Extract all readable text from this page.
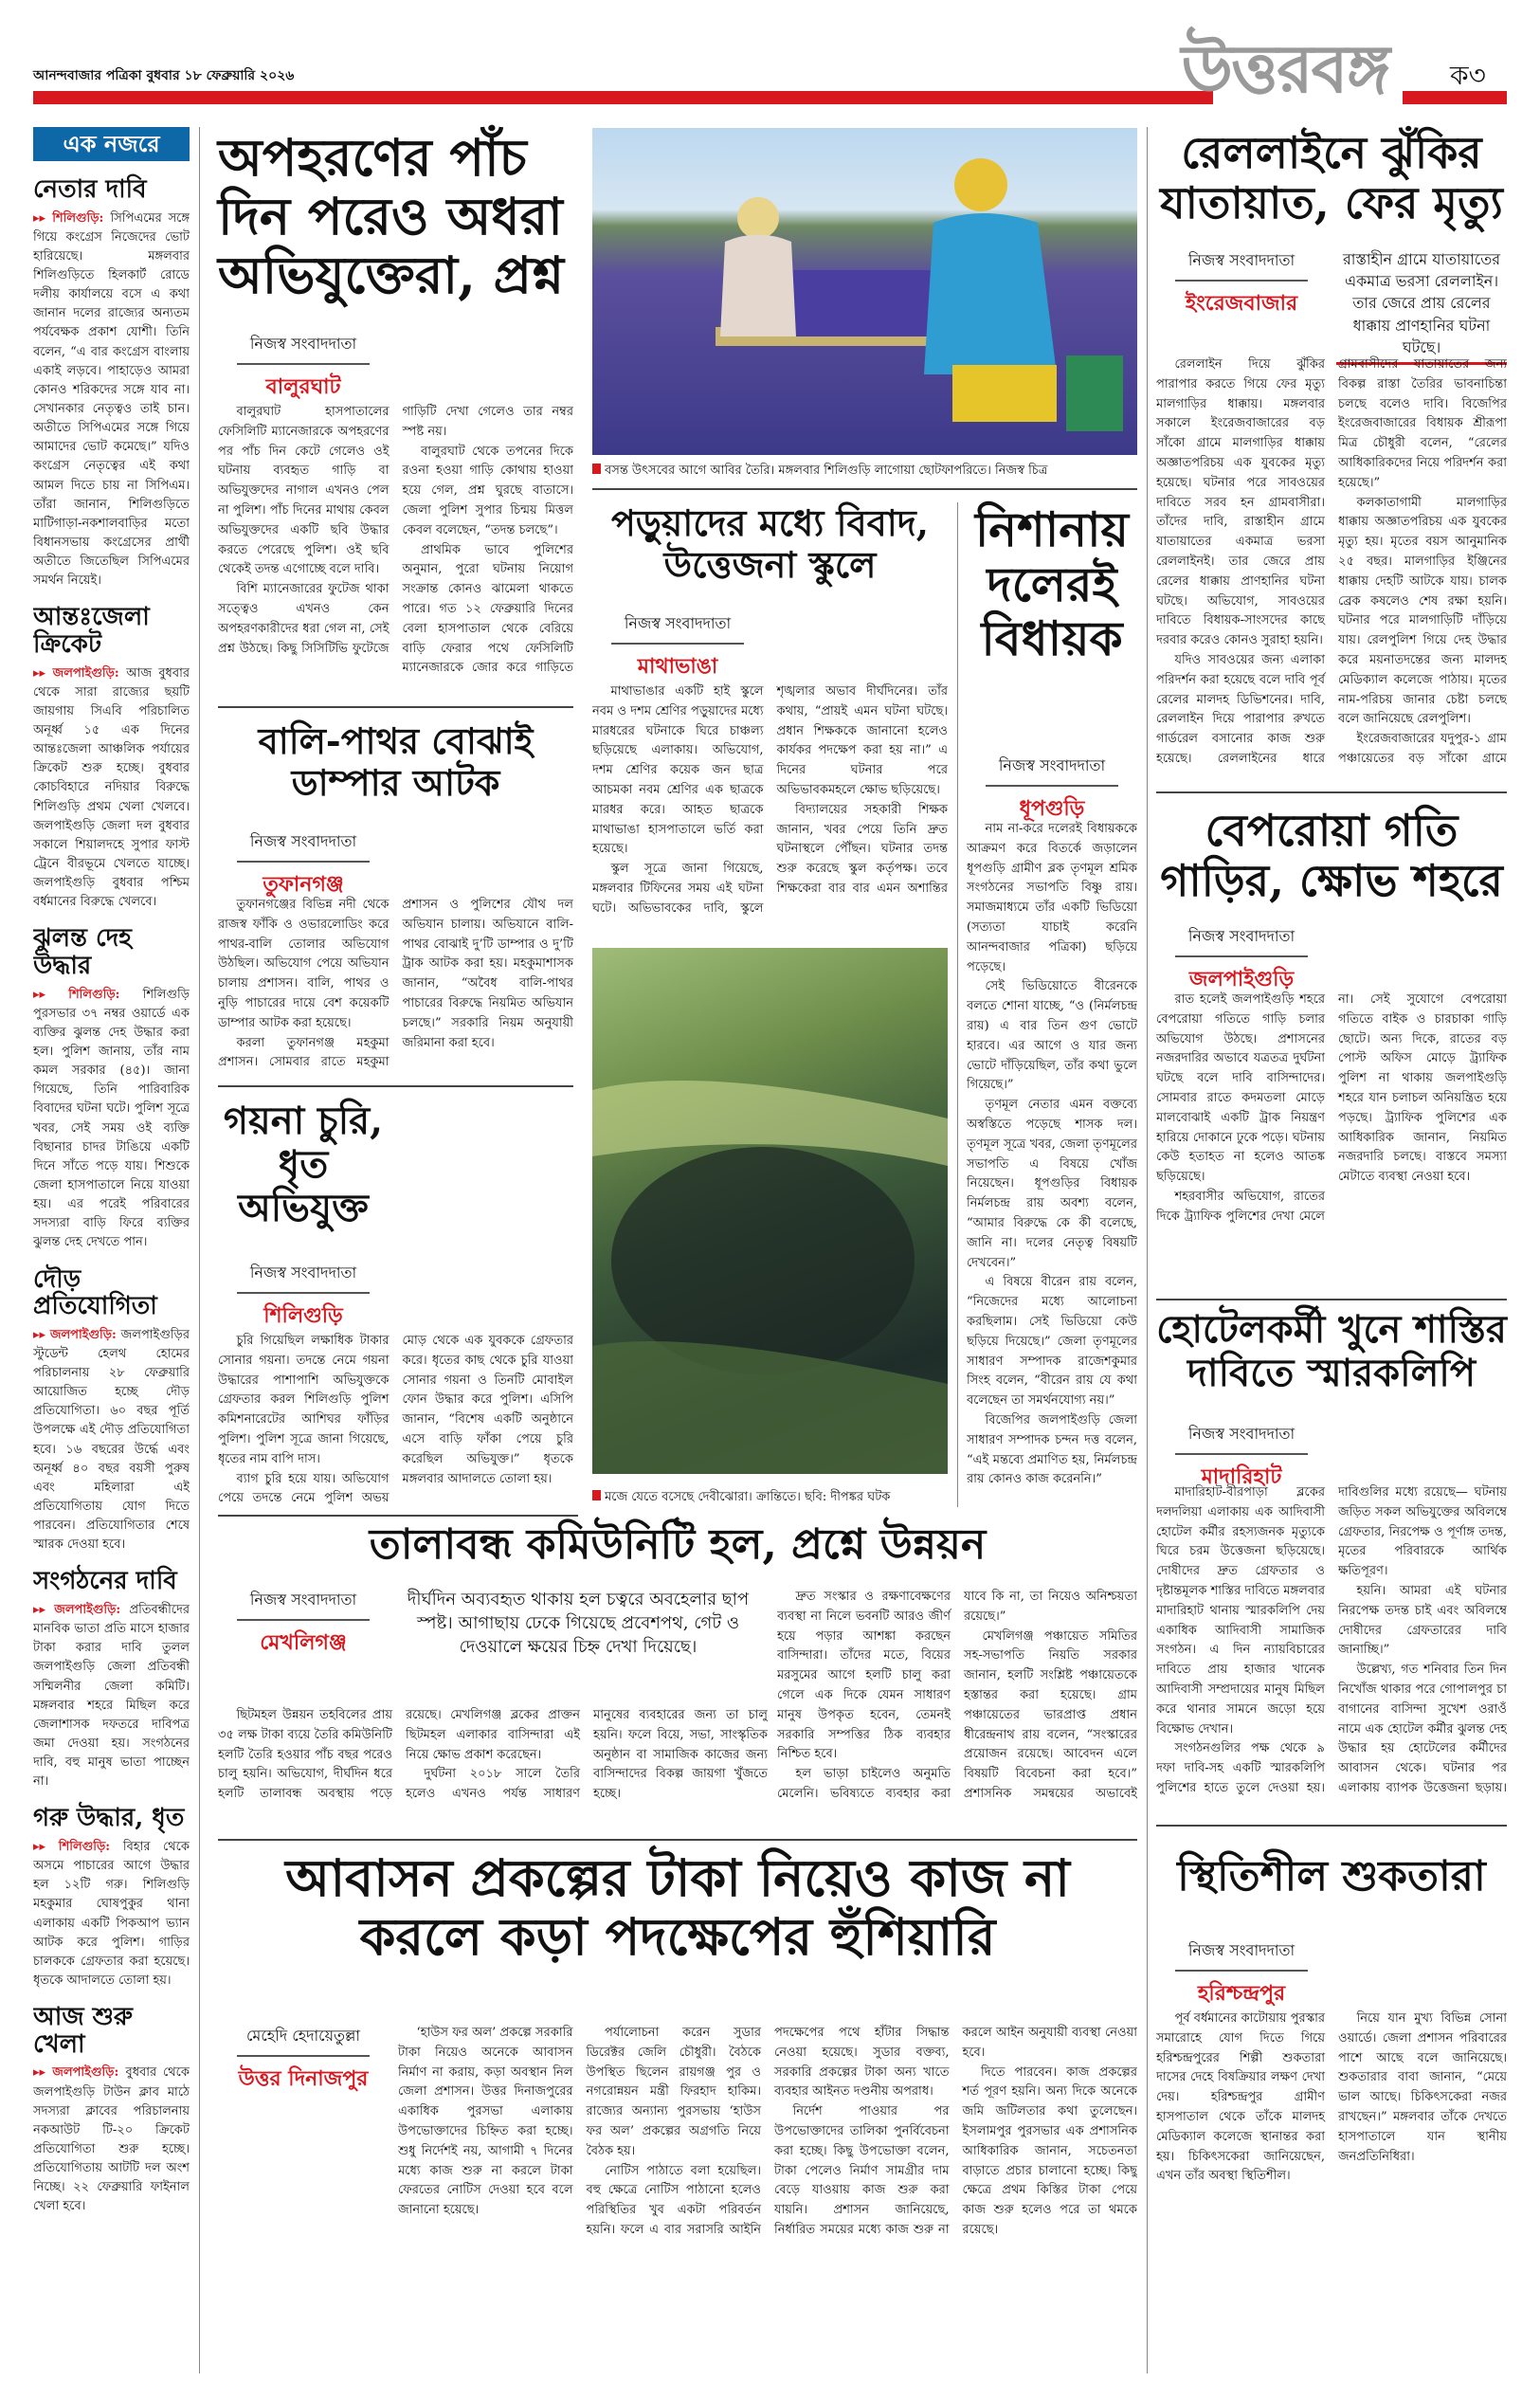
আনন্দবাজার পত্রিকা বুধবার ১৮ ফেব্রুয়ারি ২০২৬	উত্তরবঙ্গ ক৩
এক নজরে
নেতার দাবি

▸▸ শিলিগুড়ি: সিপিএমের সঙ্গে গিয়ে কংগ্রেস নিজেদের ভোট হারিয়েছে। মঙ্গলবার শিলিগুড়িতে হিলকার্ট রোডে দলীয় কার্যালয়ে বসে এ কথা জানান দলের রাজ্যের অন্যতম পর্যবেক্ষক প্রকাশ যোশী। তিনি বলেন, “এ বার কংগ্রেস বাংলায় একাই লড়বে। পাহাড়েও আমরা কোনও শরিকদের সঙ্গে যাব না। সেখানকার নেতৃত্বও তাই চান। অতীতে সিপিএমের সঙ্গে গিয়ে আমাদের ভোট কমেছে।” যদিও কংগ্রেস নেতৃত্বের এই কথা আমল দিতে চায় না সিপিএম। তাঁরা জানান, শিলিগুড়িতে মাটিগাড়া-নকশালবাড়ির মতো বিধানসভায় কংগ্রেসের প্রার্থী অতীতে জিতেছিল সিপিএমের সমর্থন নিয়েই।

আন্তঃজেলা ক্রিকেট

▸▸ জলপাইগুড়ি: আজ বুধবার থেকে সারা রাজ্যের ছয়টি জায়গায় সিএবি পরিচালিত অনূর্ধ্ব ১৫ এক দিনের আন্তঃজেলা আঞ্চলিক পর্যায়ের ক্রিকেট শুরু হচ্ছে। বুধবার কোচবিহারে নদিয়ার বিরুদ্ধে শিলিগুড়ি প্রথম খেলা খেলবে। জলপাইগুড়ি জেলা দল বুধবার সকালে শিয়ালদহে সুপার ফাস্ট ট্রেনে বীরভূমে খেলতে যাচ্ছে। জলপাইগুড়ি বুধবার পশ্চিম বর্ধমানের বিরুদ্ধে খেলবে।

ঝুলন্ত দেহ উদ্ধার

▸▸ শিলিগুড়ি: শিলিগুড়ি পুরসভার ৩৭ নম্বর ওয়ার্ডে এক ব্যক্তির ঝুলন্ত দেহ উদ্ধার করা হল। পুলিশ জানায়, তাঁর নাম কমল সরকার (৪৫)। জানা গিয়েছে, তিনি পারিবারিক বিবাদের ঘটনা ঘটে। পুলিশ সূত্রে খবর, সেই সময় ওই ব্যক্তি বিছানার চাদর টাঙিয়ে একটি দিনে সাঁতে পড়ে যায়। শিশুকে জেলা হাসপাতালে নিয়ে যাওয়া হয়। এর পরেই পরিবারের সদস্যরা বাড়ি ফিরে ব্যক্তির ঝুলন্ত দেহ দেখতে পান।

দৌড় প্রতিযোগিতা

▸▸ জলপাইগুড়ি: জলপাইগুড়ির স্টুডেন্ট হেলথ হোমের পরিচালনায় ২৮ ফেব্রুয়ারি আয়োজিত হচ্ছে দৌড় প্রতিযোগিতা। ৬০ বছর পূর্তি উপলক্ষে এই দৌড় প্রতিযোগিতা হবে। ১৬ বছরের উর্দ্ধে এবং অনূর্ধ্ব ৪০ বছর বয়সী পুরুষ এবং মহিলারা এই প্রতিযোগিতায় যোগ দিতে পারবেন। প্রতিযোগিতার শেষে স্মারক দেওয়া হবে।

সংগঠনের দাবি

▸▸ জলপাইগুড়ি: প্রতিবন্ধীদের মানবিক ভাতা প্রতি মাসে হাজার টাকা করার দাবি তুলল জলপাইগুড়ি জেলা প্রতিবন্ধী সম্মিলনীর জেলা কমিটি। মঙ্গলবার শহরে মিছিল করে জেলাশাসক দফতরে দাবিপত্র জমা দেওয়া হয়। সংগঠনের দাবি, বহু মানুষ ভাতা পাচ্ছেন না।

গরু উদ্ধার, ধৃত

▸▸ শিলিগুড়ি: বিহার থেকে অসমে পাচারের আগে উদ্ধার হল ১২টি গরু। শিলিগুড়ি মহকুমার ঘোষপুকুর থানা এলাকায় একটি পিকআপ ভ্যান আটক করে পুলিশ। গাড়ির চালককে গ্রেফতার করা হয়েছে। ধৃতকে আদালতে তোলা হয়।

আজ শুরু খেলা

▸▸ জলপাইগুড়ি: বুধবার থেকে জলপাইগুড়ি টাউন ক্লাব মাঠে সদস্যরা ক্লাবের পরিচালনায় নকআউট টি-২০ ক্রিকেট প্রতিযোগিতা শুরু হচ্ছে। প্রতিযোগিতায় আটটি দল অংশ নিচ্ছে। ২২ ফেব্রুয়ারি ফাইনাল খেলা হবে।

অপহরণের পাঁচ দিন পরেও অধরা অভিযুক্তেরা, প্রশ্ন
নিজস্ব সংবাদদাতা
বালুরঘাট

বালুরঘাট হাসপাতালের ফেসিলিটি ম্যানেজারকে অপহরণের পর পাঁচ দিন কেটে গেলেও ওই ঘটনায় ব্যবহৃত গাড়ি বা অভিযুক্তদের নাগাল এখনও পেল না পুলিশ। পাঁচ দিনের মাথায় কেবল অভিযুক্তদের একটি ছবি উদ্ধার করতে পেরেছে পুলিশ। ওই ছবি থেকেই তদন্ত এগোচ্ছে বলে দাবি।

বিশি ম্যানেজারের ফুটেজ থাকা সত্ত্বেও এখনও কেন অপহরণকারীদের ধরা গেল না, সেই প্রশ্ন উঠছে। কিছু সিসিটিভি ফুটেজে গাড়িটি দেখা গেলেও তার নম্বর স্পষ্ট নয়।

বালুরঘাট থেকে তপনের দিকে রওনা হওয়া গাড়ি কোথায় হাওয়া হয়ে গেল, প্রশ্ন ঘুরছে বাতাসে। জেলা পুলিশ সুপার চিন্ময় মিত্তল কেবল বলেছেন, “তদন্ত চলছে”।

প্রাথমিক ভাবে পুলিশের অনুমান, পুরো ঘটনায় নিয়োগ সংক্রান্ত কোনও ঝামেলা থাকতে পারে। গত ১২ ফেব্রুয়ারি দিনের বেলা হাসপাতাল থেকে বেরিয়ে বাড়ি ফেরার পথে ফেসিলিটি ম্যানেজারকে জোর করে গাড়িতে

বালি-পাথর বোঝাই ডাম্পার আটক
নিজস্ব সংবাদদাতা
তুফানগঞ্জ

তুফানগঞ্জের বিভিন্ন নদী থেকে রাজস্ব ফাঁকি ও ওভারলোডিং করে পাথর-বালি তোলার অভিযোগ উঠছিল। অভিযোগ পেয়ে অভিযান চালায় প্রশাসন। বালি, পাথর ও নুড়ি পাচারের দায়ে বেশ কয়েকটি ডাম্পার আটক করা হয়েছে।

করলা তুফানগঞ্জ মহকুমা প্রশাসন। সোমবার রাতে মহকুমা প্রশাসন ও পুলিশের যৌথ দল অভিযান চালায়। অভিযানে বালি-পাথর বোঝাই দু’টি ডাম্পার ও দু’টি ট্রাক আটক করা হয়। মহকুমাশাসক জানান, “অবৈধ বালি-পাথর পাচারের বিরুদ্ধে নিয়মিত অভিযান চলছে।” সরকারি নিয়ম অনুযায়ী জরিমানা করা হবে।

গয়না চুরি, ধৃত অভিযুক্ত
নিজস্ব সংবাদদাতা
শিলিগুড়ি

চুরি গিয়েছিল লক্ষাধিক টাকার সোনার গয়না। তদন্তে নেমে গয়না উদ্ধারের পাশাপাশি অভিযুক্তকে গ্রেফতার করল শিলিগুড়ি পুলিশ কমিশনারেটের আশিঘর ফাঁড়ির পুলিশ। পুলিশ সূত্রে জানা গিয়েছে, ধৃতের নাম বাপি দাস।

ব্যাগ চুরি হয়ে যায়। অভিযোগ পেয়ে তদন্তে নেমে পুলিশ অভয় মোড় থেকে এক যুবককে গ্রেফতার করে। ধৃতের কাছ থেকে চুরি যাওয়া সোনার গয়না ও তিনটি মোবাইল ফোন উদ্ধার করে পুলিশ। এসিপি জানান, “বিশেষ একটি অনুষ্ঠানে এসে বাড়ি ফাঁকা পেয়ে চুরি করেছিল অভিযুক্ত।” ধৃতকে মঙ্গলবার আদালতে তোলা হয়।

বসন্ত উৎসবের আগে আবির তৈরি। মঙ্গলবার শিলিগুড়ি লাগোয়া ছোটফাপরিতে। নিজস্ব চিত্র
পড়ুয়াদের মধ্যে বিবাদ, উত্তেজনা স্কুলে
নিজস্ব সংবাদদাতা
মাথাভাঙা

মাথাভাঙার একটি হাই স্কুলে নবম ও দশম শ্রেণির পড়ুয়াদের মধ্যে মারধরের ঘটনাকে ঘিরে চাঞ্চল্য ছড়িয়েছে এলাকায়। অভিযোগ, দশম শ্রেণির কয়েক জন ছাত্র আচমকা নবম শ্রেণির এক ছাত্রকে মারধর করে। আহত ছাত্রকে মাথাভাঙা হাসপাতালে ভর্তি করা হয়েছে।

স্কুল সূত্রে জানা গিয়েছে, মঙ্গলবার টিফিনের সময় এই ঘটনা ঘটে। অভিভাবকের দাবি, স্কুলে শৃঙ্খলার অভাব দীর্ঘদিনের। তাঁর কথায়, “প্রায়ই এমন ঘটনা ঘটছে। প্রধান শিক্ষককে জানানো হলেও কার্যকর পদক্ষেপ করা হয় না।” এ দিনের ঘটনার পরে অভিভাবকমহলে ক্ষোভ ছড়িয়েছে।

বিদ্যালয়ের সহকারী শিক্ষক জানান, খবর পেয়ে তিনি দ্রুত ঘটনাস্থলে পৌঁছন। ঘটনার তদন্ত শুরু করেছে স্কুল কর্তৃপক্ষ। তবে শিক্ষকেরা বার বার এমন অশান্তির

মজে যেতে বসেছে দেবীঝোরা। ক্রান্তিতে। ছবি: দীপঙ্কর ঘটক
নিশানায় দলেরই বিধায়ক
নিজস্ব সংবাদদাতা
ধূপগুড়ি

নাম না-করে দলেরই বিধায়ককে আক্রমণ করে বিতর্কে জড়ালেন ধূপগুড়ি গ্রামীণ ব্লক তৃণমূল শ্রমিক সংগঠনের সভাপতি বিষ্ণু রায়। সমাজমাধ্যমে তাঁর একটি ভিডিয়ো (সত্যতা যাচাই করেনি আনন্দবাজার পত্রিকা) ছড়িয়ে পড়েছে।

সেই ভিডিয়োতে বীরেনকে বলতে শোনা যাচ্ছে, “ও (নির্মলচন্দ্র রায়) এ বার তিন গুণ ভোটে হারবে। এর আগে ও যার জন্য ভোটে দাঁড়িয়েছিল, তাঁর কথা ভুলে গিয়েছে।”

তৃণমূল নেতার এমন বক্তব্যে অস্বস্তিতে পড়েছে শাসক দল। তৃণমূল সূত্রে খবর, জেলা তৃণমূলের সভাপতি এ বিষয়ে খোঁজ নিয়েছেন। ধূপগুড়ির বিধায়ক নির্মলচন্দ্র রায় অবশ্য বলেন, “আমার বিরুদ্ধে কে কী বলেছে, জানি না। দলের নেতৃত্ব বিষয়টি দেখবেন।”

এ বিষয়ে বীরেন রায় বলেন, “নিজেদের মধ্যে আলোচনা করছিলাম। সেই ভিডিয়ো কেউ ছড়িয়ে দিয়েছে।” জেলা তৃণমূলের সাধারণ সম্পাদক রাজেশকুমার সিংহ বলেন, “বীরেন রায় যে কথা বলেছেন তা সমর্থনযোগ্য নয়।”

বিজেপির জলপাইগুড়ি জেলা সাধারণ সম্পাদক চন্দন দত্ত বলেন, “এই মন্তব্যে প্রমাণিত হয়, নির্মলচন্দ্র রায় কোনও কাজ করেননি।”

রেললাইনে ঝুঁকির যাতায়াত, ফের মৃত্যু
নিজস্ব সংবাদদাতা
ইংরেজবাজার
রাস্তাহীন গ্রামে যাতায়াতের একমাত্র ভরসা রেললাইন। তার জেরে প্রায় রেলের ধাক্কায় প্রাণহানির ঘটনা ঘটছে।

রেললাইন দিয়ে ঝুঁকির পারাপার করতে গিয়ে ফের মৃত্যু মালগাড়ির ধাক্কায়। মঙ্গলবার সকালে ইংরেজবাজারের বড় সাঁকো গ্রামে মালগাড়ির ধাক্কায় অজ্ঞাতপরিচয় এক যুবকের মৃত্যু হয়েছে। ঘটনার পরে সাবওয়ের দাবিতে সরব হন গ্রামবাসীরা। তাঁদের দাবি, রাস্তাহীন গ্রামে যাতায়াতের একমাত্র ভরসা রেললাইনই। তার জেরে প্রায় রেলের ধাক্কায় প্রাণহানির ঘটনা ঘটছে। অভিযোগ, সাবওয়ের দাবিতে বিধায়ক-সাংসদের কাছে দরবার করেও কোনও সুরাহা হয়নি।

যদিও সাবওয়ের জন্য এলাকা পরিদর্শন করা হয়েছে বলে দাবি পূর্ব রেলের মালদহ ডিভিশনের। দাবি, রেললাইন দিয়ে পারাপার রুখতে গার্ডরেল বসানোর কাজ শুরু হয়েছে। রেললাইনের ধারে গ্রামবাসীদের যাতায়াতের জন্য বিকল্প রাস্তা তৈরির ভাবনাচিন্তা চলছে বলেও দাবি। বিজেপির ইংরেজবাজারের বিধায়ক শ্রীরূপা মিত্র চৌধুরী বলেন, “রেলের আধিকারিকদের নিয়ে পরিদর্শন করা হয়েছে।”

কলকাতাগামী মালগাড়ির ধাক্কায় অজ্ঞাতপরিচয় এক যুবকের মৃত্যু হয়। মৃতের বয়স আনুমানিক ২৫ বছর। মালগাড়ির ইঞ্জিনের ধাক্কায় দেহটি আটকে যায়। চালক ব্রেক কষলেও শেষ রক্ষা হয়নি। ঘটনার পরে মালগাড়িটি দাঁড়িয়ে যায়। রেলপুলিশ গিয়ে দেহ উদ্ধার করে ময়নাতদন্তের জন্য মালদহ মেডিক্যাল কলেজে পাঠায়। মৃতের নাম-পরিচয় জানার চেষ্টা চলছে বলে জানিয়েছে রেলপুলিশ।

ইংরেজবাজারের যদুপুর-১ গ্রাম পঞ্চায়েতের বড় সাঁকো গ্রামে

বেপরোয়া গতি গাড়ির, ক্ষোভ শহরে
নিজস্ব সংবাদদাতা
জলপাইগুড়ি

রাত হলেই জলপাইগুড়ি শহরে বেপরোয়া গতিতে গাড়ি চলার অভিযোগ উঠছে। প্রশাসনের নজরদারির অভাবে যত্রতত্র দুর্ঘটনা ঘটছে বলে দাবি বাসিন্দাদের। সোমবার রাতে কদমতলা মোড়ে মালবোঝাই একটি ট্রাক নিয়ন্ত্রণ হারিয়ে দোকানে ঢুকে পড়ে। ঘটনায় কেউ হতাহত না হলেও আতঙ্ক ছড়িয়েছে।

শহরবাসীর অভিযোগ, রাতের দিকে ট্র্যাফিক পুলিশের দেখা মেলে না। সেই সুযোগে বেপরোয়া গতিতে বাইক ও চারচাকা গাড়ি ছোটে। অন্য দিকে, রাতের বড় পোস্ট অফিস মোড়ে ট্র্যাফিক পুলিশ না থাকায় জলপাইগুড়ি শহরে যান চলাচল অনিয়ন্ত্রিত হয়ে পড়ছে। ট্র্যাফিক পুলিশের এক আধিকারিক জানান, নিয়মিত নজরদারি চলছে। বাস্তবে সমস্যা মেটাতে ব্যবস্থা নেওয়া হবে।

হোটেলকর্মী খুনে শাস্তির দাবিতে স্মারকলিপি
নিজস্ব সংবাদদাতা
মাদারিহাট

মাদারিহাট-বীরপাড়া ব্লকের দলদলিয়া এলাকায় এক আদিবাসী হোটেল কর্মীর রহস্যজনক মৃত্যুকে ঘিরে চরম উত্তেজনা ছড়িয়েছে। দোষীদের দ্রুত গ্রেফতার ও দৃষ্টান্তমূলক শাস্তির দাবিতে মঙ্গলবার মাদারিহাট থানায় স্মারকলিপি দেয় একাধিক আদিবাসী সামাজিক সংগঠন। এ দিন ন্যায়বিচারের দাবিতে প্রায় হাজার খানেক আদিবাসী সম্প্রদায়ের মানুষ মিছিল করে থানার সামনে জড়ো হয়ে বিক্ষোভ দেখান।

সংগঠনগুলির পক্ষ থেকে ৯ দফা দাবি-সহ একটি স্মারকলিপি পুলিশের হাতে তুলে দেওয়া হয়। দাবিগুলির মধ্যে রয়েছে— ঘটনায় জড়িত সকল অভিযুক্তের অবিলম্বে গ্রেফতার, নিরপেক্ষ ও পূর্ণাঙ্গ তদন্ত, মৃতের পরিবারকে আর্থিক ক্ষতিপূরণ।

হয়নি। আমরা এই ঘটনার নিরপেক্ষ তদন্ত চাই এবং অবিলম্বে দোষীদের গ্রেফতারের দাবি জানাচ্ছি।”

উল্লেখ্য, গত শনিবার তিন দিন নিখোঁজ থাকার পরে গোপালপুর চা বাগানের বাসিন্দা সুখেশ ওরাওঁ নামে এক হোটেল কর্মীর ঝুলন্ত দেহ উদ্ধার হয় হোটেলের কর্মীদের আবাসন থেকে। ঘটনার পর এলাকায় ব্যাপক উত্তেজনা ছড়ায়।

তালাবন্ধ কমিউনিটি হল, প্রশ্নে উন্নয়ন
নিজস্ব সংবাদদাতা
মেখলিগঞ্জ
দীর্ঘদিন অব্যবহৃত থাকায় হল চত্বরে অবহেলার ছাপ স্পষ্ট। আগাছায় ঢেকে গিয়েছে প্রবেশপথ, গেট ও দেওয়ালে ক্ষয়ের চিহ্ন দেখা দিয়েছে।

ছিটমহল উন্নয়ন তহবিলের প্রায় ৩৫ লক্ষ টাকা ব্যয়ে তৈরি কমিউনিটি হলটি তৈরি হওয়ার পাঁচ বছর পরেও চালু হয়নি। অভিযোগ, দীর্ঘদিন ধরে হলটি তালাবন্ধ অবস্থায় পড়ে রয়েছে। মেখলিগঞ্জ ব্লকের প্রাক্তন ছিটমহল এলাকার বাসিন্দারা এই নিয়ে ক্ষোভ প্রকাশ করেছেন।

দুর্ঘটনা ২০১৮ সালে তৈরি হলেও এখনও পর্যন্ত সাধারণ মানুষের ব্যবহারের জন্য তা চালু হয়নি। ফলে বিয়ে, সভা, সাংস্কৃতিক অনুষ্ঠান বা সামাজিক কাজের জন্য বাসিন্দাদের বিকল্প জায়গা খুঁজতে হচ্ছে।

দ্রুত সংস্কার ও রক্ষণাবেক্ষণের ব্যবস্থা না নিলে ভবনটি আরও জীর্ণ হয়ে পড়ার আশঙ্কা করছেন বাসিন্দারা। তাঁদের মতে, বিয়ের মরসুমের আগে হলটি চালু করা গেলে এক দিকে যেমন সাধারণ মানুষ উপকৃত হবেন, তেমনই সরকারি সম্পত্তির ঠিক ব্যবহার নিশ্চিত হবে।

হল ভাড়া চাইলেও অনুমতি মেলেনি। ভবিষ্যতে ব্যবহার করা যাবে কি না, তা নিয়েও অনিশ্চয়তা রয়েছে।”

মেখলিগঞ্জ পঞ্চায়েত সমিতির সহ-সভাপতি নিয়তি সরকার জানান, হলটি সংশ্লিষ্ট পঞ্চায়েতকে হস্তান্তর করা হয়েছে। গ্রাম পঞ্চায়েতের ভারপ্রাপ্ত প্রধান ধীরেন্দ্রনাথ রায় বলেন, “সংস্কারের প্রয়োজন রয়েছে। আবেদন এলে বিষয়টি বিবেচনা করা হবে।” প্রশাসনিক সমন্বয়ের অভাবেই

আবাসন প্রকল্পের টাকা নিয়েও কাজ না করলে কড়া পদক্ষেপের হুঁশিয়ারি
মেহেদি হেদায়েতুল্লা
উত্তর দিনাজপুর

‘হাউস ফর অল’ প্রকল্পে সরকারি টাকা নিয়েও অনেকে আবাসন নির্মাণ না করায়, কড়া অবস্থান নিল জেলা প্রশাসন। উত্তর দিনাজপুরের একাধিক পুরসভা এলাকায় উপভোক্তাদের চিহ্নিত করা হচ্ছে। শুধু নির্দেশই নয়, আগামী ৭ দিনের মধ্যে কাজ শুরু না করলে টাকা ফেরতের নোটিস দেওয়া হবে বলে জানানো হয়েছে।

পর্যালোচনা করেন সুডার ডিরেক্টর জেলি চৌধুরী। বৈঠকে উপস্থিত ছিলেন রায়গঞ্জ পুর ও নগরোন্নয়ন মন্ত্রী ফিরহাদ হাকিম। রাজ্যের অন্যান্য পুরসভায় ‘হাউস ফর অল’ প্রকল্পের অগ্রগতি নিয়ে বৈঠক হয়।

নোটিস পাঠাতে বলা হয়েছিল। বহু ক্ষেত্রে নোটিস পাঠানো হলেও পরিস্থিতির খুব একটা পরিবর্তন হয়নি। ফলে এ বার সরাসরি আইনি পদক্ষেপের পথে হাঁটার সিদ্ধান্ত নেওয়া হয়েছে। সুডার বক্তব্য, সরকারি প্রকল্পের টাকা অন্য খাতে ব্যবহার আইনত দণ্ডনীয় অপরাধ।

নির্দেশ পাওয়ার পর উপভোক্তাদের তালিকা পুনর্বিবেচনা করা হচ্ছে। কিছু উপভোক্তা বলেন, টাকা পেলেও নির্মাণ সামগ্রীর দাম বেড়ে যাওয়ায় কাজ শুরু করা যায়নি। প্রশাসন জানিয়েছে, নির্ধারিত সময়ের মধ্যে কাজ শুরু না করলে আইন অনুযায়ী ব্যবস্থা নেওয়া হবে।

দিতে পারবেন। কাজ প্রকল্পের শর্ত পূরণ হয়নি। অন্য দিকে অনেকে জমি জটিলতার কথা তুলেছেন। ইসলামপুর পুরসভার এক প্রশাসনিক আধিকারিক জানান, সচেতনতা বাড়াতে প্রচার চালানো হচ্ছে। কিছু ক্ষেত্রে প্রথম কিস্তির টাকা পেয়ে কাজ শুরু হলেও পরে তা থমকে রয়েছে।

স্থিতিশীল শুকতারা
নিজস্ব সংবাদদাতা
হরিশ্চন্দ্রপুর

পূর্ব বর্ধমানের কাটোয়ায় পুরস্কার সমারোহে যোগ দিতে গিয়ে হরিশ্চন্দ্রপুরের শিল্পী শুকতারা দাসের দেহে বিষক্রিয়ার লক্ষণ দেখা দেয়। হরিশ্চন্দ্রপুর গ্রামীণ হাসপাতাল থেকে তাঁকে মালদহ মেডিক্যাল কলেজে স্থানান্তর করা হয়। চিকিৎসকেরা জানিয়েছেন, এখন তাঁর অবস্থা স্থিতিশীল।

নিয়ে যান মুখ্য বিভিন্ন সোনা ওয়ার্ডে। জেলা প্রশাসন পরিবারের পাশে আছে বলে জানিয়েছে। শুকতারার বাবা জানান, “মেয়ে ভাল আছে। চিকিৎসকেরা নজর রাখছেন।” মঙ্গলবার তাঁকে দেখতে হাসপাতালে যান স্থানীয় জনপ্রতিনিধিরা।
